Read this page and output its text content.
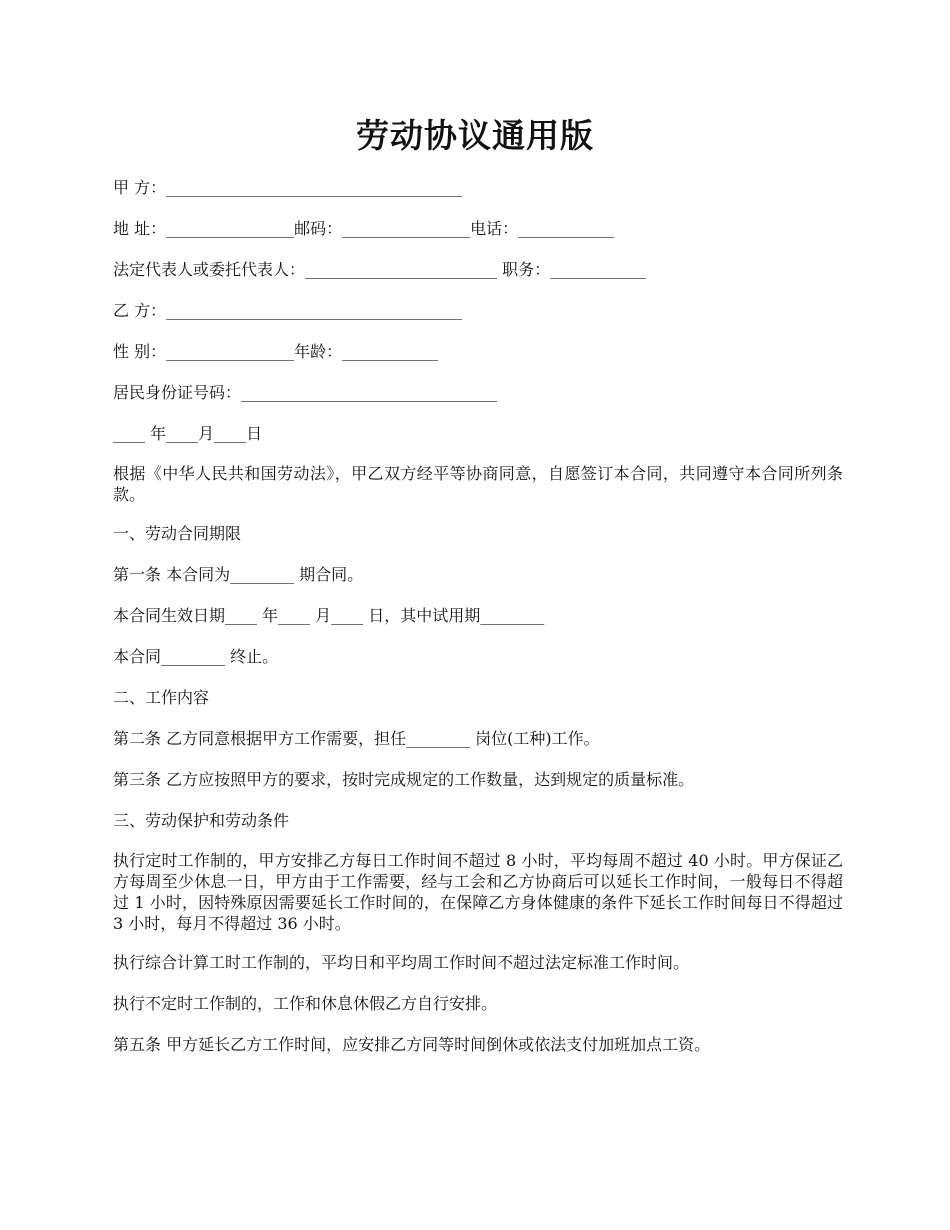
劳动协议通用版
甲 方：_____________________________________
地 址：________________邮码：________________电话：____________
法定代表人或委托代表人：________________________ 职务：____________
乙 方：_____________________________________
性 别：________________年龄：____________
居民身份证号码：________________________________
____ 年____月____日
根据《中华人民共和国劳动法》，甲乙双方经平等协商同意，自愿签订本合同，共同遵守本合同所列条款。
一、劳动合同期限
第一条 本合同为________ 期合同。
本合同生效日期____ 年____ 月____ 日，其中试用期________
本合同________ 终止。
二、工作内容
第二条 乙方同意根据甲方工作需要，担任________ 岗位(工种)工作。
第三条 乙方应按照甲方的要求，按时完成规定的工作数量，达到规定的质量标准。
三、劳动保护和劳动条件
执行定时工作制的，甲方安排乙方每日工作时间不超过 8 小时，平均每周不超过 40 小时。甲方保证乙方每周至少休息一日，甲方由于工作需要，经与工会和乙方协商后可以延长工作时间，一般每日不得超过 1 小时，因特殊原因需要延长工作时间的，在保障乙方身体健康的条件下延长工作时间每日不得超过 3 小时，每月不得超过 36 小时。
执行综合计算工时工作制的，平均日和平均周工作时间不超过法定标准工作时间。
执行不定时工作制的，工作和休息休假乙方自行安排。
第五条 甲方延长乙方工作时间，应安排乙方同等时间倒休或依法支付加班加点工资。
